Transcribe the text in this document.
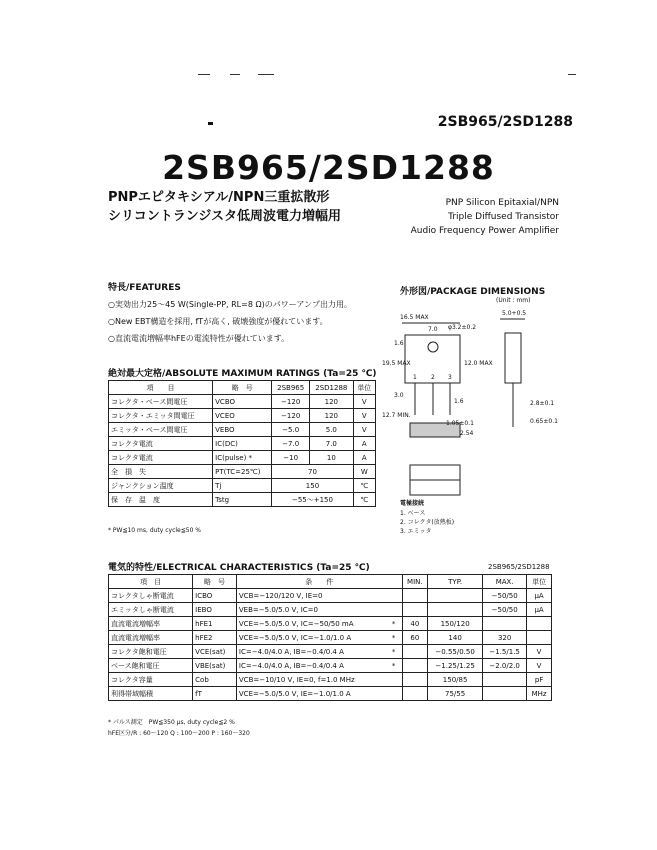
2SB965/2SD1288
2SB965/2SD1288
PNPエピタキシアル/NPN三重拡散形
シリコントランジスタ低周波電力増幅用
PNP Silicon Epitaxial/NPN
Triple Diffused Transistor
Audio Frequency Power Amplifier
特長/FEATURES
○実効出力25～45 W(Single-PP, RL=8 Ω)のパワーアンプ出力用。
○New EBT構造を採用, fTが高く, 破壊強度が優れています。
○直流電流増幅率hFEの電流特性が優れています。
外形図/PACKAGE DIMENSIONS
(Unit : mm)
16.5 MAX
7.0 φ3.2±0.2
5.0+0.5
19.5 MAX	12.0 MAX
1.6
3.0
12.7 MIN.
1.6
1.05±0.1
2.54
2.8±0.1
0.65±0.1
1 2 3
電極接続
1. ベース
2. コレクタ(放熱板)
3. エミッタ
絶対最大定格/ABSOLUTE MAXIMUM RATINGS (Ta=25 ℃)
項　　目	略　号	2SB965	2SD1288	単位
コレクタ・ベース間電圧	VCBO	−120	120	V
コレクタ・エミッタ間電圧	VCEO	−120	120	V
エミッタ・ベース間電圧	VEBO	−5.0	5.0	V
コレクタ電流	IC(DC)	−7.0	7.0	A
コレクタ電流	IC(pulse) *	−10	10	A
全　損　失	PT(TC=25℃)	70		W
ジャンクション温度	Tj	150		℃
保　存　温　度	Tstg	−55～+150		℃
* PW≦10 ms, duty cycle≦50 %
電気的特性/ELECTRICAL CHARACTERISTICS (Ta=25 ℃)	2SB965/2SD1288
項　目	略　号	条　　件		MIN.	TYP.	MAX.	単位
コレクタしゃ断電流	ICBO	VCB=−120/120 V, IE=0				−50/50	μA
エミッタしゃ断電流	IEBO	VEB=−5.0/5.0 V, IC=0				−50/50	μA
直流電流増幅率	hFE1	VCE=−5.0/5.0 V, IC=−50/50 mA	*	40	150/120		
直流電流増幅率	hFE2	VCE=−5.0/5.0 V, IC=−1.0/1.0 A	*	60	140	320	
コレクタ飽和電圧	VCE(sat)	IC=−4.0/4.0 A, IB=−0.4/0.4 A	*		−0.55/0.50	−1.5/1.5	V
ベース飽和電圧	VBE(sat)	IC=−4.0/4.0 A, IB=−0.4/0.4 A	*		−1.25/1.25	−2.0/2.0	V
コレクタ容量	Cob	VCB=−10/10 V, IE=0, f=1.0 MHz			150/85		pF
利得帯域幅積	fT	VCE=−5.0/5.0 V, IE=−1.0/1.0 A			75/55		MHz
* パルス測定　PW≦350 μs, duty cycle≦2 %
hFE区分/R : 60～120 Q : 100～200 P : 160～320
